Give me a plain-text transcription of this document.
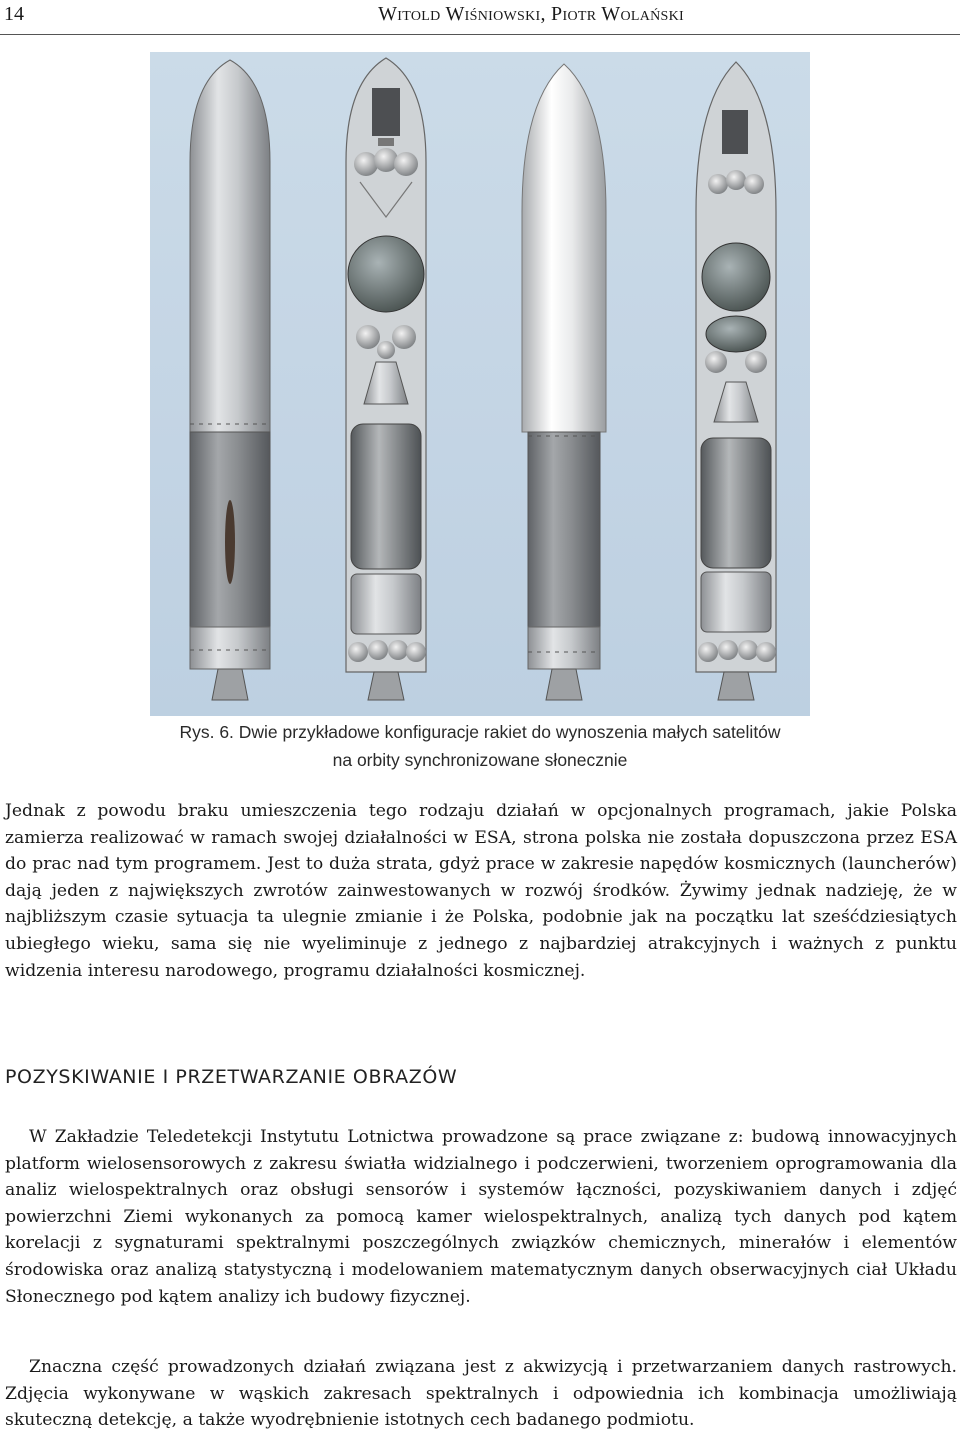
14	Witold Wiśniowski, Piotr Wolański
Rys. 6. Dwie przykładowe konfiguracje rakiet do wynoszenia małych satelitów
na orbity synchronizowane słonecznie

Jednak z powodu braku umieszczenia tego rodzaju działań w opcjonalnych programach, jakie Polska zamierza realizować w ramach swojej działalności w ESA, strona polska nie została dopuszczona przez ESA do prac nad tym programem. Jest to duża strata, gdyż prace w zakresie napędów kosmicznych (launcherów) dają jeden z największych zwrotów zainwestowanych w rozwój środków. Żywimy jednak nadzieję, że w najbliższym czasie sytuacja ta ulegnie zmianie i że Polska, podobnie jak na początku lat sześćdziesiątych ubiegłego wieku, sama się nie wyeliminuje z jednego z najbardziej atrakcyjnych i ważnych z punktu widzenia interesu narodowego, programu działalności kosmicznej.

POZYSKIWANIE I PRZETWARZANIE OBRAZÓW

W Zakładzie Teledetekcji Instytutu Lotnictwa prowadzone są prace związane z: budową innowacyjnych platform wielosensorowych z zakresu światła widzialnego i podczerwieni, tworzeniem oprogramowania dla analiz wielospektralnych oraz obsługi sensorów i systemów łączności, pozyskiwaniem danych i zdjęć powierzchni Ziemi wykonanych za pomocą kamer wielospektralnych, analizą tych danych pod kątem korelacji z sygnaturami spektralnymi poszczególnych związków chemicznych, minerałów i elementów środowiska oraz analizą statystyczną i modelowaniem matematycznym danych obserwacyjnych ciał Układu Słonecznego pod kątem analizy ich budowy fizycznej.

Znaczna część prowadzonych działań związana jest z akwizycją i przetwarzaniem danych rastrowych. Zdjęcia wykonywane w wąskich zakresach spektralnych i odpowiednia ich kombinacja umożliwiają skuteczną detekcję, a także wyodrębnienie istotnych cech badanego podmiotu.
